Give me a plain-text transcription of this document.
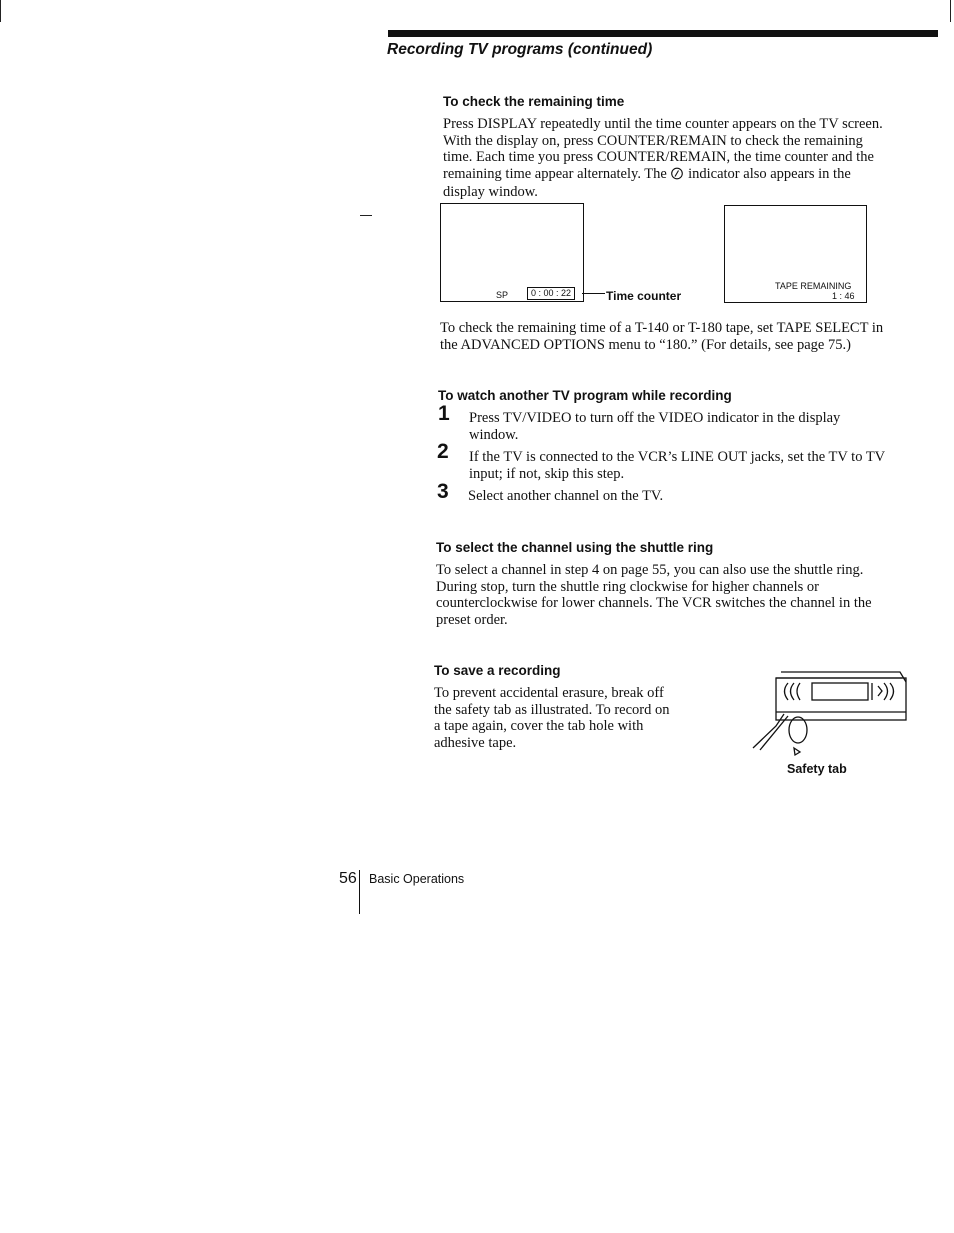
Recording TV programs (continued)
To check the remaining time
Press DISPLAY repeatedly until the time counter appears on the TV screen.
With the display on, press COUNTER/REMAIN to check the remaining
time. Each time you press COUNTER/REMAIN, the time counter and the
remaining time appear alternately. The  indicator also appears in the
display window.
SP	0 : 00 : 22	Time counter
TAPE REMAINING
1 : 46
To check the remaining time of a T-140 or T-180 tape, set TAPE SELECT in
the ADVANCED OPTIONS menu to “180.” (For details, see page 75.)
To watch another TV program while recording
1 Press TV/VIDEO to turn off the VIDEO indicator in the display
window.
2 If the TV is connected to the VCR’s LINE OUT jacks, set the TV to TV
input; if not, skip this step.
3 Select another channel on the TV.
To select the channel using the shuttle ring
To select a channel in step 4 on page 55, you can also use the shuttle ring.
During stop, turn the shuttle ring clockwise for higher channels or
counterclockwise for lower channels. The VCR switches the channel in the
preset order.
To save a recording
To prevent accidental erasure, break off
the safety tab as illustrated. To record on
a tape again, cover the tab hole with
adhesive tape.
Safety tab
56 Basic Operations
